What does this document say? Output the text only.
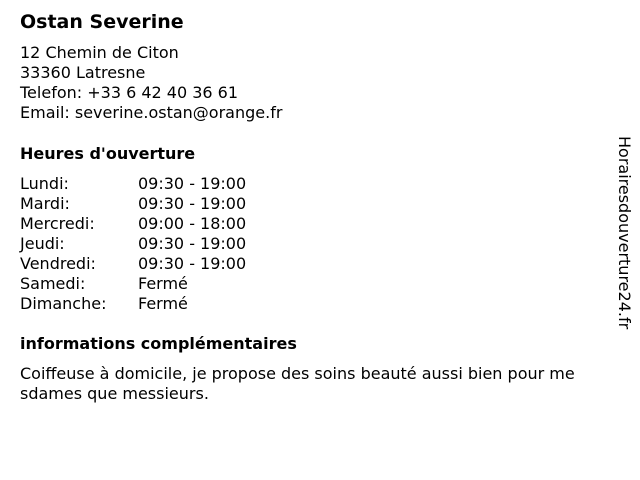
Ostan Severine
12 Chemin de Citon
33360 Latresne
Telefon: +33 6 42 40 36 61
Email: severine.ostan@orange.fr
Heures d'ouverture
Lundi:	09:30 - 19:00
Mardi:	09:30 - 19:00
Mercredi:	09:00 - 18:00
Jeudi:	09:30 - 19:00
Vendredi:	09:30 - 19:00
Samedi:	Fermé
Dimanche: Fermé
informations complémentaires
Coiffeuse à domicile, je propose des soins beauté aussi bien pour me sdames que messieurs.
Horairesdouverture24.fr
